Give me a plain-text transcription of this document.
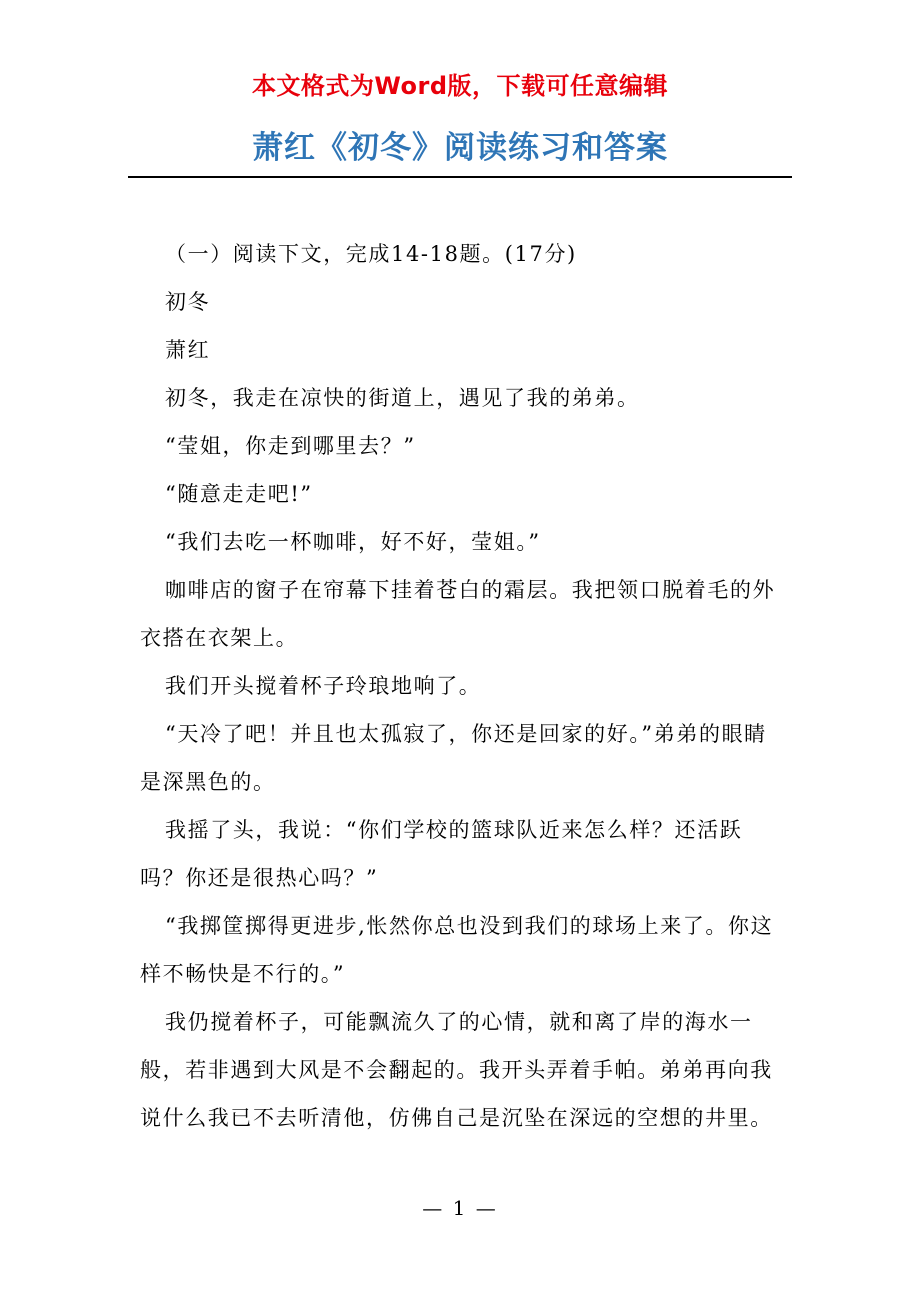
本文格式为Word版，下载可任意编辑
萧红《初冬》阅读练习和答案

（一）阅读下文，完成14-18题。(17分)

初冬

萧红

初冬，我走在凉快的街道上，遇见了我的弟弟。

“莹姐，你走到哪里去？”

“随意走走吧!”

“我们去吃一杯咖啡，好不好，莹姐。”

咖啡店的窗子在帘幕下挂着苍白的霜层。我把领口脱着毛的外衣搭在衣架上。

我们开头搅着杯子玲琅地响了。

“天冷了吧！并且也太孤寂了，你还是回家的好。”弟弟的眼睛是深黑色的。

我摇了头，我说：“你们学校的篮球队近来怎么样？还活跃吗？你还是很热心吗？”

“我掷筐掷得更进步,怅然你总也没到我们的球场上来了。你这样不畅快是不行的。”

我仍搅着杯子，可能飘流久了的心情，就和离了岸的海水一般，若非遇到大风是不会翻起的。我开头弄着手帕。弟弟再向我说什么我已不去听清他，仿佛自己是沉坠在深远的空想的井里。

— 1 —
